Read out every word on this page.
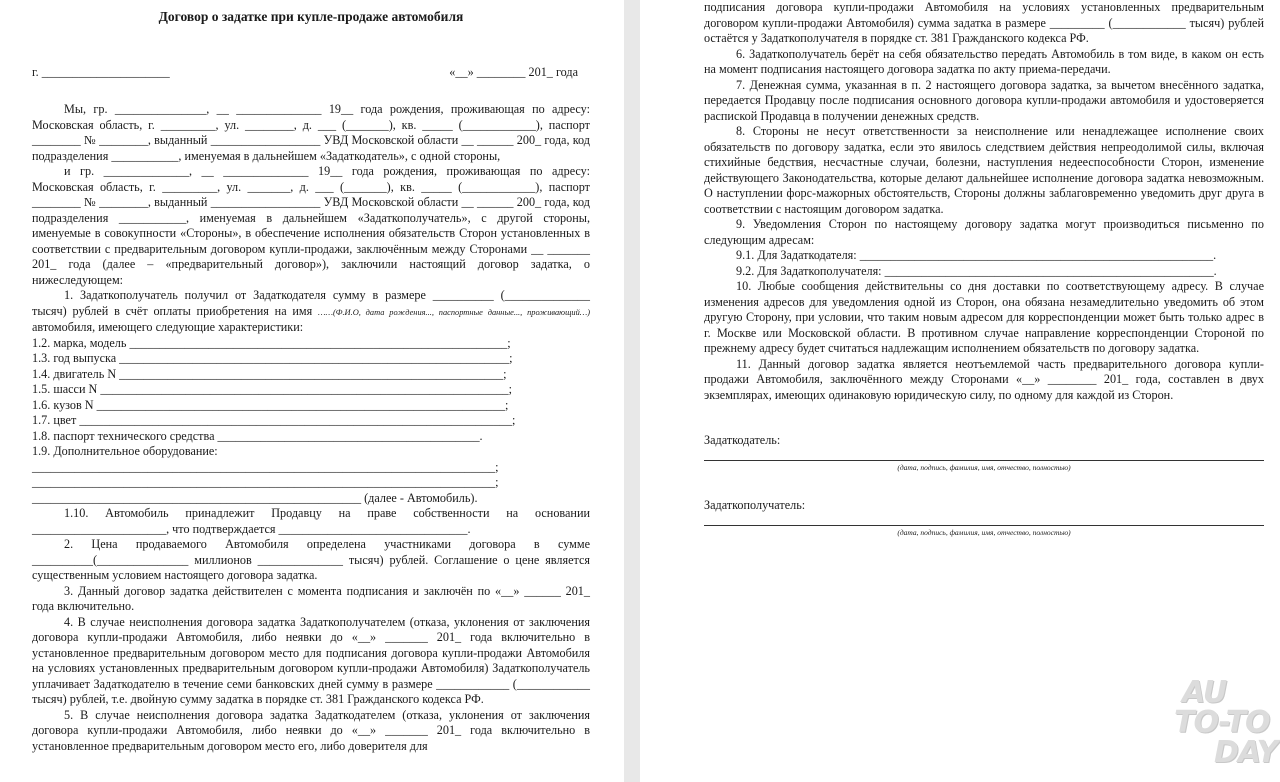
Договор о задатке при купле-продаже автомобиля
г. _____________________	«__» ________ 201_ года

Мы, гр. _______________, __ ______________ 19__ года рождения, проживающая по адресу: Московская область, г. _________, ул. ________, д. ___ (_______), кв. _____ (____________), паспорт ________ № ________, выданный __________________ УВД Московской области __ ______ 200_ года, код подразделения ___________, именуемая в дальнейшем «Задаткодатель», с одной стороны,

и гр. ______________, __ ______________ 19__ года рождения, проживающая по адресу: Московская область, г. _________, ул. _______, д. ___ (_______), кв. _____ (____________), паспорт ________ № ________, выданный __________________ УВД Московской области __ ______ 200_ года, код подразделения ___________, именуемая в дальнейшем «Задаткополучатель», с другой стороны, именуемые в совокупности «Стороны», в обеспечение исполнения обязательств Сторон установленных в соответствии с предварительным договором купли-продажи, заключённым между Сторонами __ _______ 201_ года (далее – «предварительный договор»), заключили настоящий договор задатка, о нижеследующем:

1. Задаткополучатель получил от Задаткодателя сумму в размере __________ (______________ тысяч) рублей в счёт оплаты приобретения на имя ……(Ф.И.О, дата рождения..., паспортные данные..., проживающий…) автомобиля, имеющего следующие характеристики:

1.2. марка, модель ______________________________________________________________;

1.3. год выпуска ________________________________________________________________;

1.4. двигатель N _______________________________________________________________;

1.5. шасси N ___________________________________________________________________;

1.6. кузов N ___________________________________________________________________;

1.7. цвет _______________________________________________________________________;

1.8. паспорт технического средства ___________________________________________.

1.9. Дополнительное оборудование:

____________________________________________________________________________;

____________________________________________________________________________;

______________________________________________________ (далее - Автомобиль).

1.10. Автомобиль принадлежит Продавцу на праве собственности на основании ______________________, что подтверждается _______________________________.

2. Цена продаваемого Автомобиля определена участниками договора в сумме __________(_______________ миллионов ______________ тысяч) рублей. Соглашение о цене является существенным условием настоящего договора задатка.

3. Данный договор задатка действителен с момента подписания и заключён по «__» ______ 201_ года включительно.

4. В случае неисполнения договора задатка Задаткополучателем (отказа, уклонения от заключения договора купли-продажи Автомобиля, либо неявки до «__» _______ 201_ года включительно в установленное предварительным договором место для подписания договора купли-продажи Автомобиля на условиях установленных предварительным договором купли-продажи Автомобиля) Задаткополучатель уплачивает Задаткодателю в течение семи банковских дней сумму в размере ____________ (____________ тысяч) рублей, т.е. двойную сумму задатка в порядке ст. 381 Гражданского кодекса РФ.

5. В случае неисполнения договора задатка Задаткодателем (отказа, уклонения от заключения договора купли-продажи Автомобиля, либо неявки до «__» _______ 201_ года включительно в установленное предварительным договором место его, либо доверителя для

подписания договора купли-продажи Автомобиля на условиях установленных предварительным договором купли-продажи Автомобиля) сумма задатка в размере _________ (____________ тысяч) рублей остаётся у Задаткополучателя в порядке ст. 381 Гражданского кодекса РФ.

6. Задаткополучатель берёт на себя обязательство передать Автомобиль в том виде, в каком он есть на момент подписания настоящего договора задатка по акту приема-передачи.

7. Денежная сумма, указанная в п. 2 настоящего договора задатка, за вычетом внесённого задатка, передается Продавцу после подписания основного договора купли-продажи автомобиля и удостоверяется распиской Продавца в получении денежных средств.

8. Стороны не несут ответственности за неисполнение или ненадлежащее исполнение своих обязательств по договору задатка, если это явилось следствием действия непреодолимой силы, включая стихийные бедствия, несчастные случаи, болезни, наступления недееспособности Сторон, изменение действующего Законодательства, которые делают дальнейшее исполнение договора задатка невозможным. О наступлении форс-мажорных обстоятельств, Стороны должны заблаговременно уведомить друг друга в соответствии с настоящим договором задатка.

9. Уведомления Сторон по настоящему договору задатка могут производиться письменно по следующим адресам:

9.1. Для Задаткодателя: __________________________________________________________.

9.2. Для Задаткополучателя: ______________________________________________________.

10. Любые сообщения действительны со дня доставки по соответствующему адресу. В случае изменения адресов для уведомления одной из Сторон, она обязана незамедлительно уведомить об этом другую Сторону, при условии, что таким новым адресом для корреспонденции может быть только адрес в г. Москве или Московской области. В противном случае направление корреспонденции Стороной по прежнему адресу будет считаться надлежащим исполнением обязательств по договору задатка.

11. Данный договор задатка является неотъемлемой часть предварительного договора купли-продажи Автомобиля, заключённого между Сторонами «__» ________ 201_ года, составлен в двух экземплярах, имеющих одинаковую юридическую силу, по одному для каждой из Сторон.

Задаткодатель:
(дата, подпись, фамилия, имя, отчество, полностью)
Задаткополучатель:
(дата, подпись, фамилия, имя, отчество, полностью)
AU
TO-TO
DAY
